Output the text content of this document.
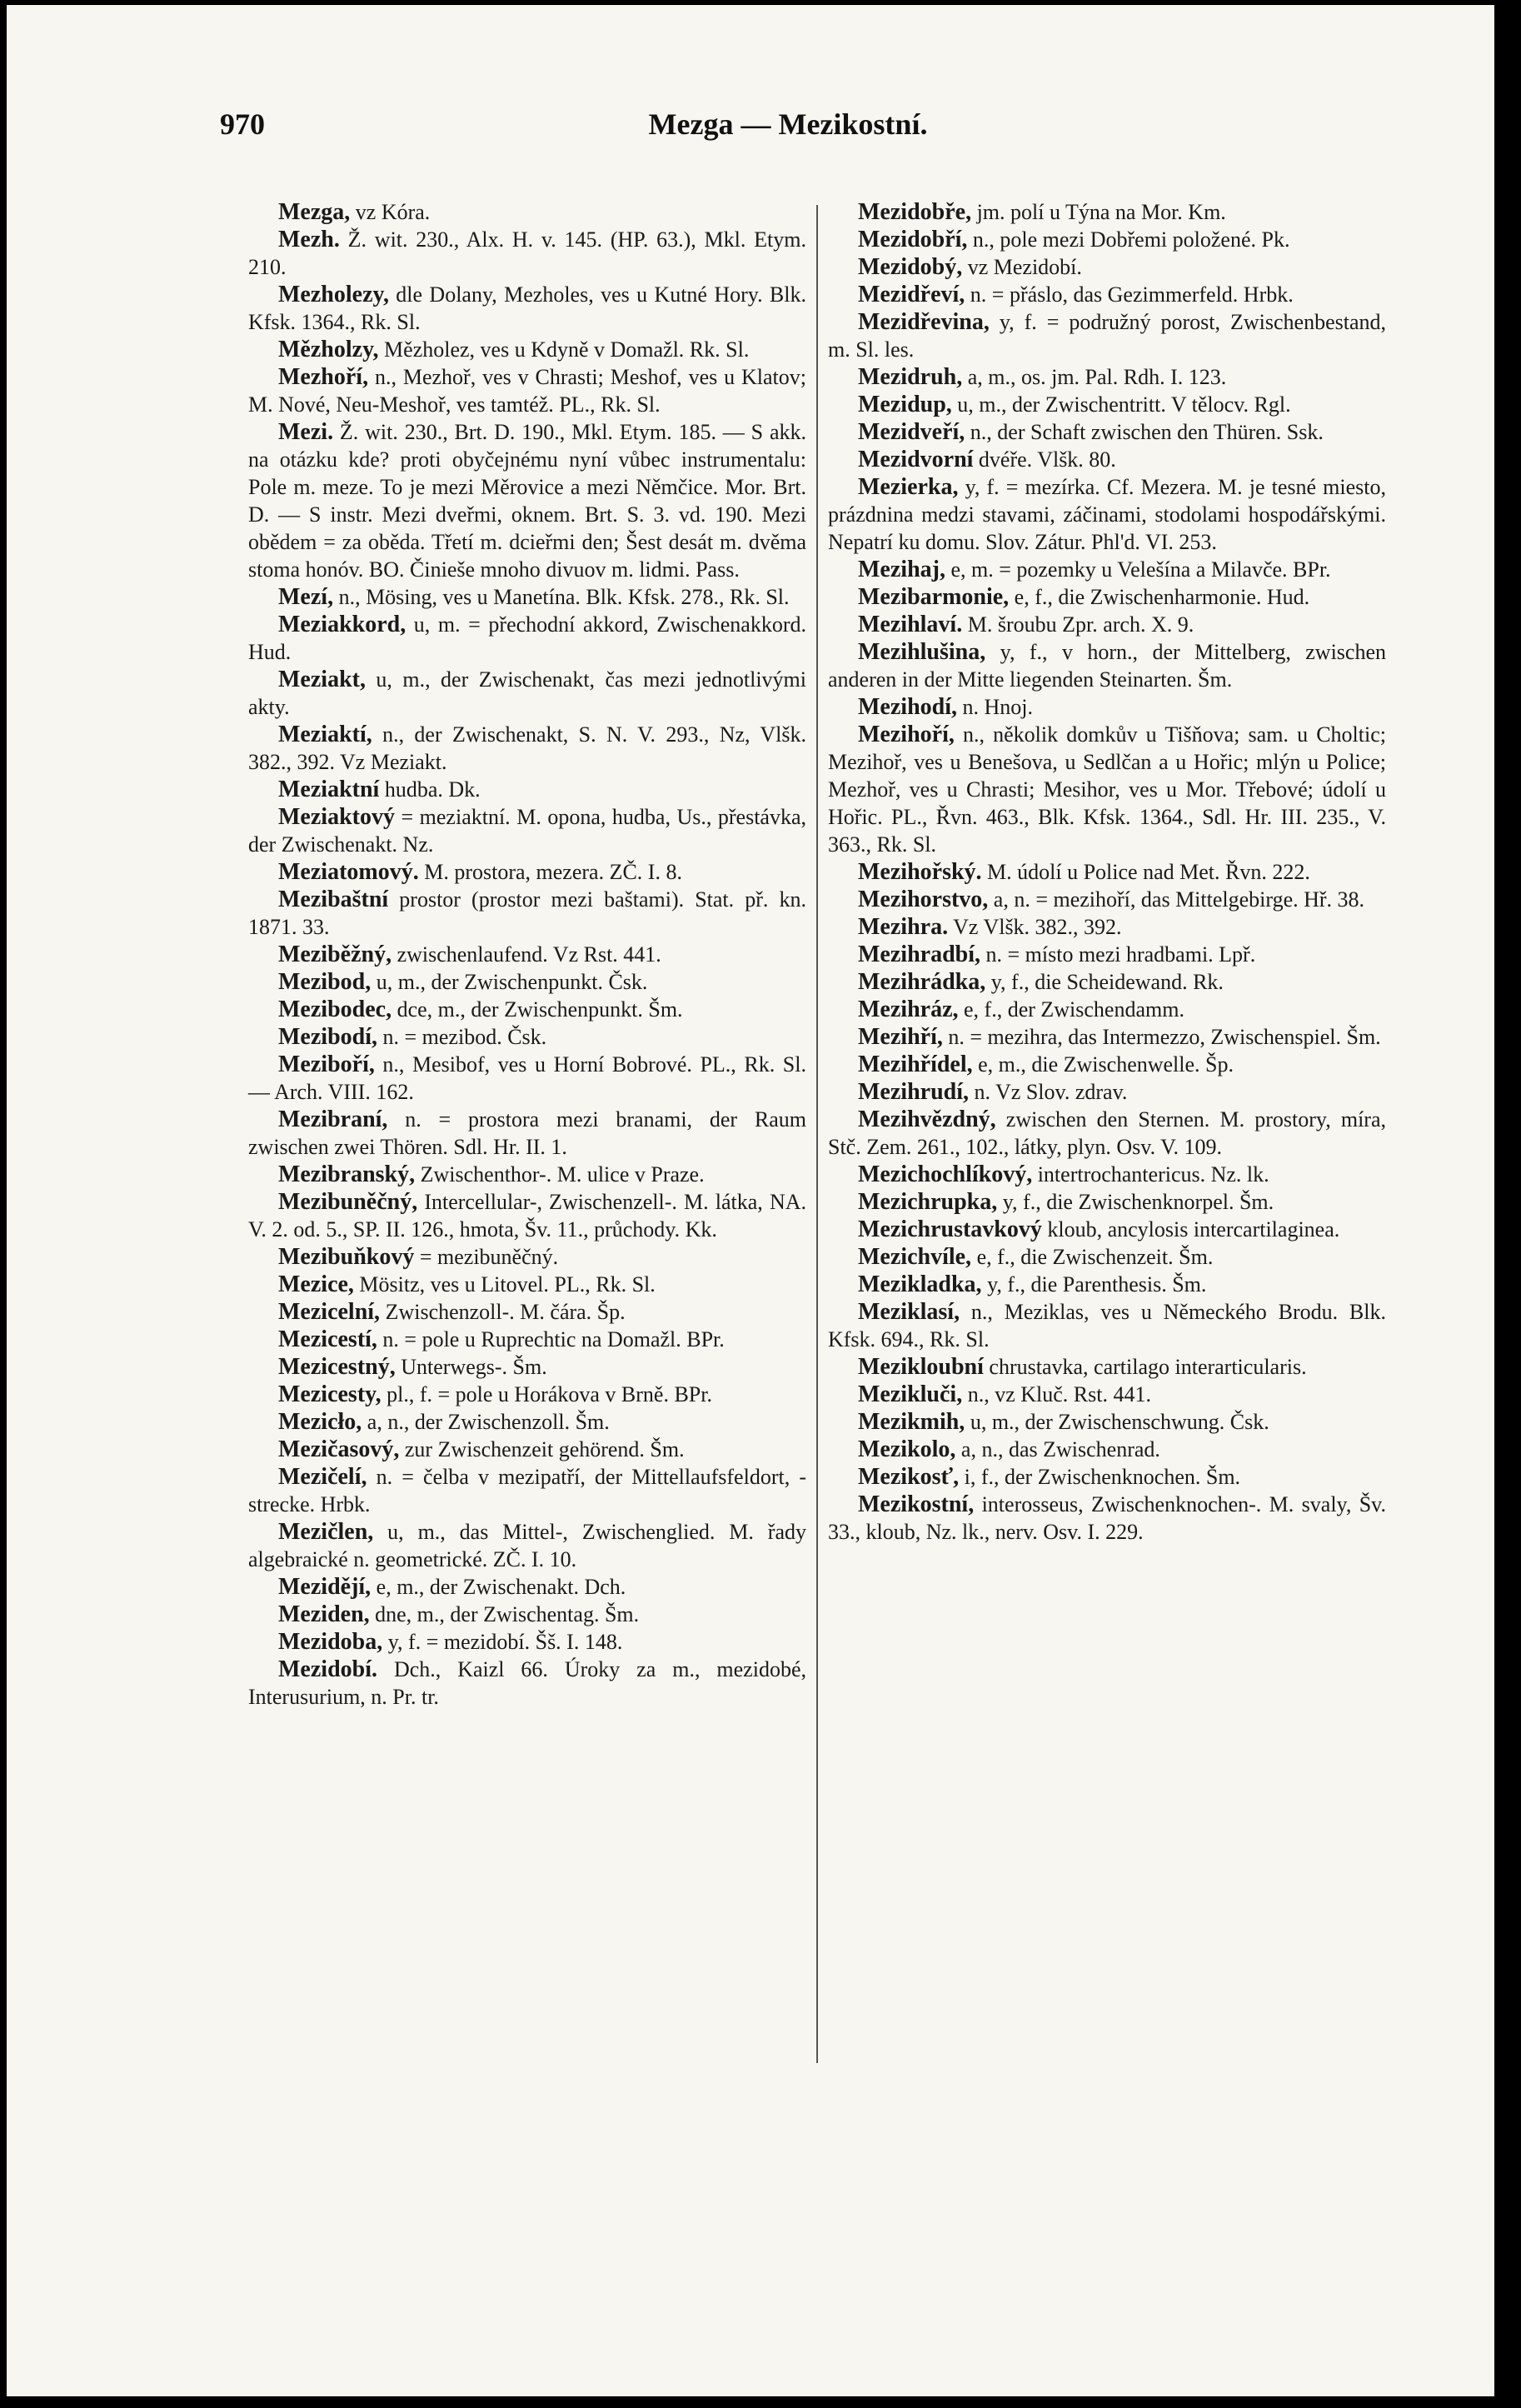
970	Mezga — Mezikostní.

Mezga, vz Kóra.

Mezh. Ž. wit. 230., Alx. H. v. 145. (HP. 63.), Mkl. Etym. 210.

Mezholezy, dle Dolany, Mezholes, ves u Kutné Hory. Blk. Kfsk. 1364., Rk. Sl.

Mězholzy, Mězholez, ves u Kdyně v Domažl. Rk. Sl.

Mezhoří, n., Mezhoř, ves v Chrasti; Meshof, ves u Klatov; M. Nové, Neu-Meshoř, ves tamtéž. PL., Rk. Sl.

Mezi. Ž. wit. 230., Brt. D. 190., Mkl. Etym. 185. — S akk. na otázku kde? proti obyčejnému nyní vůbec instrumentalu: Pole m. meze. To je mezi Měrovice a mezi Němčice. Mor. Brt. D. — S instr. Mezi dveřmi, oknem. Brt. S. 3. vd. 190. Mezi obědem = za oběda. Třetí m. dcieřmi den; Šest desát m. dvěma stoma honóv. BO. Činieše mnoho divuov m. lidmi. Pass.

Mezí, n., Mösing, ves u Manetína. Blk. Kfsk. 278., Rk. Sl.

Meziakkord, u, m. = přechodní akkord, Zwischenakkord. Hud.

Meziakt, u, m., der Zwischenakt, čas mezi jednotlivými akty.

Meziaktí, n., der Zwischenakt, S. N. V. 293., Nz, Vlšk. 382., 392. Vz Meziakt.

Meziaktní hudba. Dk.

Meziaktový = meziaktní. M. opona, hudba, Us., přestávka, der Zwischenakt. Nz.

Meziatomový. M. prostora, mezera. ZČ. I. 8.

Mezibaštní prostor (prostor mezi baštami). Stat. př. kn. 1871. 33.

Meziběžný, zwischenlaufend. Vz Rst. 441.

Mezibod, u, m., der Zwischenpunkt. Čsk.

Mezibodec, dce, m., der Zwischenpunkt. Šm.

Mezibodí, n. = mezibod. Čsk.

Meziboří, n., Mesibof, ves u Horní Bobrové. PL., Rk. Sl. — Arch. VIII. 162.

Mezibraní, n. = prostora mezi branami, der Raum zwischen zwei Thören. Sdl. Hr. II. 1.

Mezibranský, Zwischenthor-. M. ulice v Praze.

Mezibuněčný, Intercellular-, Zwischenzell-. M. látka, NA. V. 2. od. 5., SP. II. 126., hmota, Šv. 11., průchody. Kk.

Mezibuňkový = mezibuněčný.

Mezice, Mösitz, ves u Litovel. PL., Rk. Sl.

Mezicelní, Zwischenzoll-. M. čára. Šp.

Mezicestí, n. = pole u Ruprechtic na Domažl. BPr.

Mezicestný, Unterwegs-. Šm.

Mezicesty, pl., f. = pole u Horákova v Brně. BPr.

Mezicło, a, n., der Zwischenzoll. Šm.

Mezičasový, zur Zwischenzeit gehörend. Šm.

Mezičelí, n. = čelba v mezipatří, der Mittellaufsfeldort, -strecke. Hrbk.

Mezičlen, u, m., das Mittel-, Zwischenglied. M. řady algebraické n. geometrické. ZČ. I. 10.

Mezidějí, e, m., der Zwischenakt. Dch.

Meziden, dne, m., der Zwischentag. Šm.

Mezidoba, y, f. = mezidobí. Šš. I. 148.

Mezidobí. Dch., Kaizl 66. Úroky za m., mezidobé, Interusurium, n. Pr. tr.

Mezidobře, jm. polí u Týna na Mor. Km.

Mezidobří, n., pole mezi Dobřemi položené. Pk.

Mezidobý, vz Mezidobí.

Mezidřeví, n. = přáslo, das Gezimmerfeld. Hrbk.

Mezidřevina, y, f. = podružný porost, Zwischenbestand, m. Sl. les.

Mezidruh, a, m., os. jm. Pal. Rdh. I. 123.

Mezidup, u, m., der Zwischentritt. V tělocv. Rgl.

Mezidveří, n., der Schaft zwischen den Thüren. Ssk.

Mezidvorní dvéře. Vlšk. 80.

Mezierka, y, f. = mezírka. Cf. Mezera. M. je tesné miesto, prázdnina medzi stavami, záčinami, stodolami hospodářskými. Nepatrí ku domu. Slov. Zátur. Phl'd. VI. 253.

Mezihaj, e, m. = pozemky u Velešína a Milavče. BPr.

Mezibarmonie, e, f., die Zwischenharmonie. Hud.

Mezihlaví. M. šroubu Zpr. arch. X. 9.

Mezihlušina, y, f., v horn., der Mittelberg, zwischen anderen in der Mitte liegenden Steinarten. Šm.

Mezihodí, n. Hnoj.

Mezihoří, n., několik domkův u Tišňova; sam. u Choltic; Mezihoř, ves u Benešova, u Sedlčan a u Hořic; mlýn u Police; Mezhoř, ves u Chrasti; Mesihor, ves u Mor. Třebové; údolí u Hořic. PL., Řvn. 463., Blk. Kfsk. 1364., Sdl. Hr. III. 235., V. 363., Rk. Sl.

Mezihořský. M. údolí u Police nad Met. Řvn. 222.

Mezihorstvo, a, n. = mezihoří, das Mittelgebirge. Hř. 38.

Mezihra. Vz Vlšk. 382., 392.

Mezihradbí, n. = místo mezi hradbami. Lpř.

Mezihrádka, y, f., die Scheidewand. Rk.

Mezihráz, e, f., der Zwischendamm.

Mezihří, n. = mezihra, das Intermezzo, Zwischenspiel. Šm.

Mezihřídel, e, m., die Zwischenwelle. Šp.

Mezihrudí, n. Vz Slov. zdrav.

Mezihvězdný, zwischen den Sternen. M. prostory, míra, Stč. Zem. 261., 102., látky, plyn. Osv. V. 109.

Mezichochlíkový, intertrochantericus. Nz. lk.

Mezichrupka, y, f., die Zwischenknorpel. Šm.

Mezichrustavkový kloub, ancylosis intercartilaginea.

Mezichvíle, e, f., die Zwischenzeit. Šm.

Mezikladka, y, f., die Parenthesis. Šm.

Meziklasí, n., Meziklas, ves u Německého Brodu. Blk. Kfsk. 694., Rk. Sl.

Mezikloubní chrustavka, cartilago interarticularis.

Mezikluči, n., vz Kluč. Rst. 441.

Mezikmih, u, m., der Zwischenschwung. Čsk.

Mezikolo, a, n., das Zwischenrad.

Mezikosť, i, f., der Zwischenknochen. Šm.

Mezikostní, interosseus, Zwischenknochen-. M. svaly, Šv. 33., kloub, Nz. lk., nerv. Osv. I. 229.
